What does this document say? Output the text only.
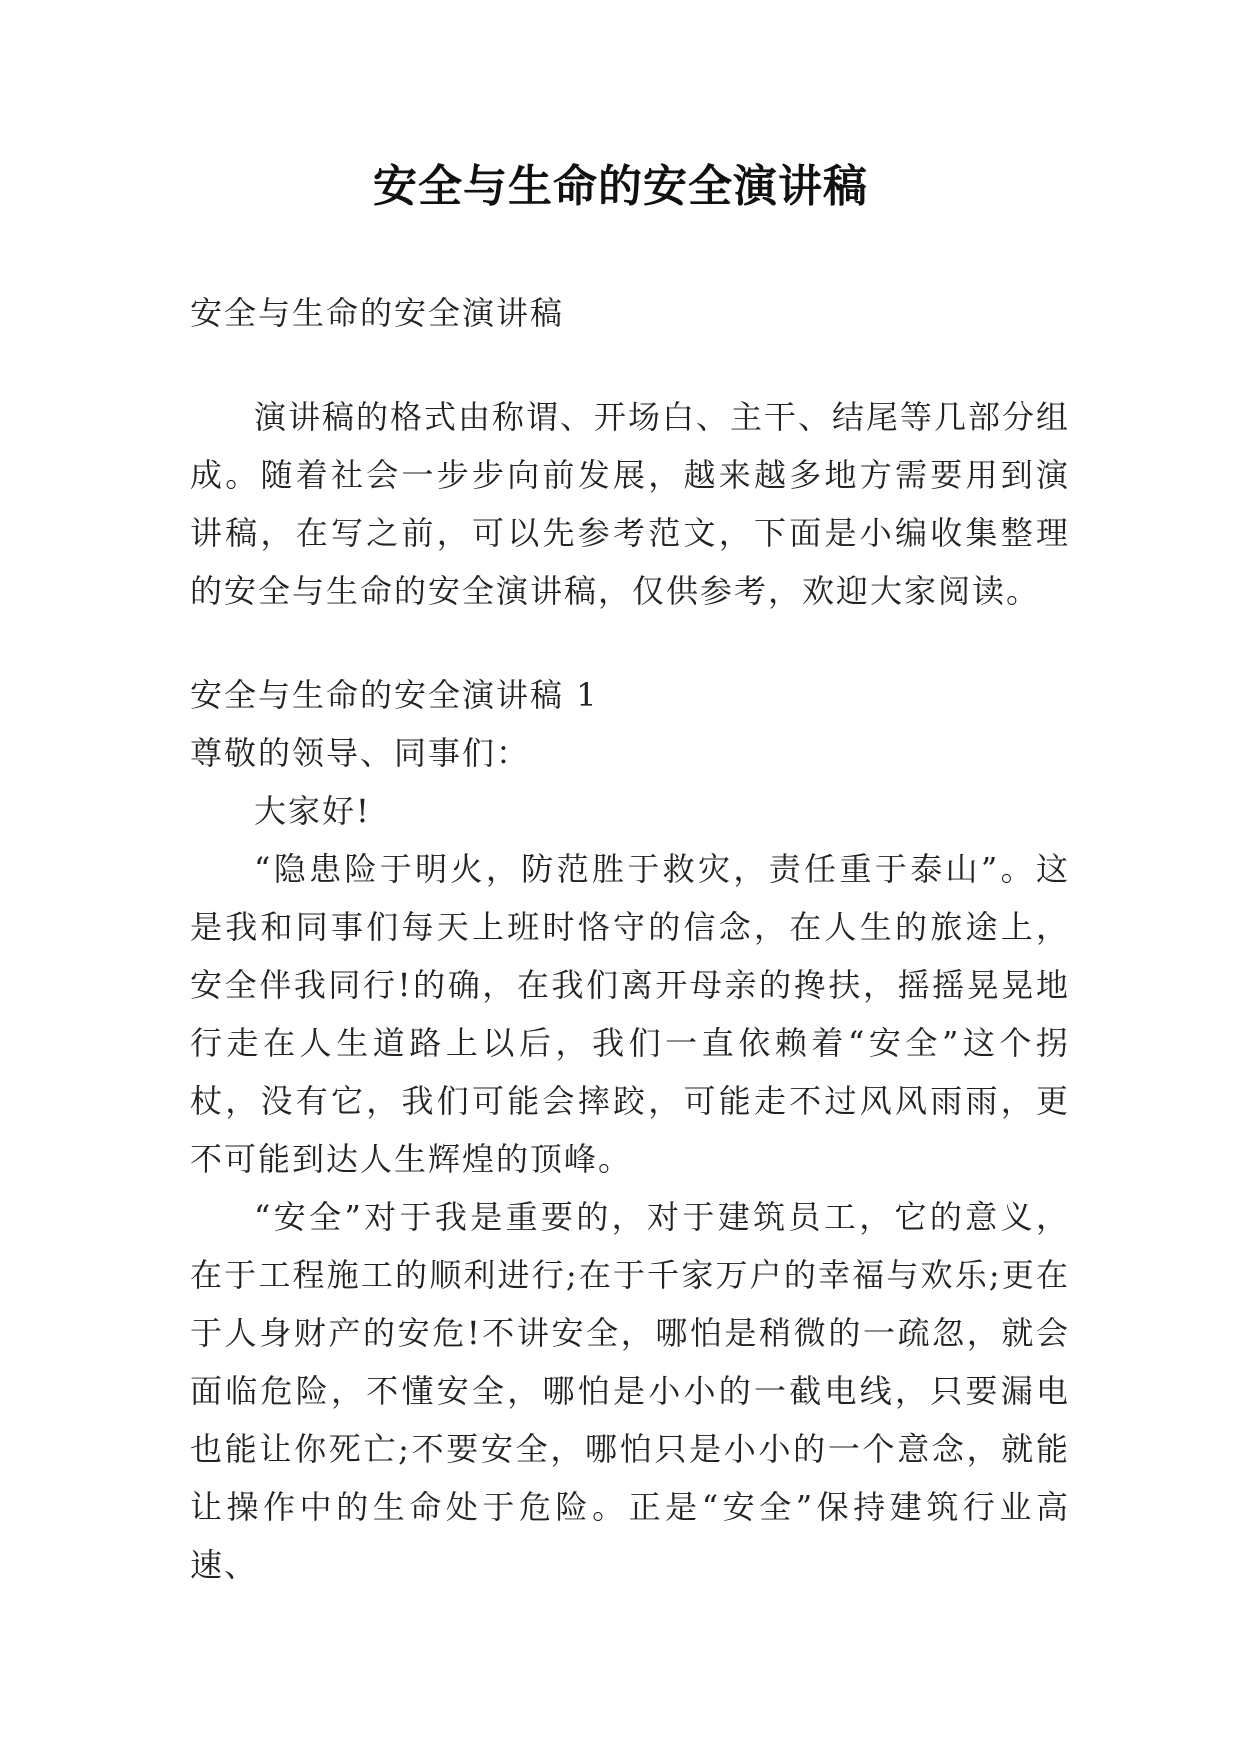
安全与生命的安全演讲稿

安全与生命的安全演讲稿

演讲稿的格式由称谓、开场白、主干、结尾等几部分组成。随着社会一步步向前发展，越来越多地方需要用到演讲稿，在写之前，可以先参考范文，下面是小编收集整理的安全与生命的安全演讲稿，仅供参考，欢迎大家阅读。

安全与生命的安全演讲稿 1

尊敬的领导、同事们：

大家好!

“隐患险于明火，防范胜于救灾，责任重于泰山”。这是我和同事们每天上班时恪守的信念，在人生的旅途上，安全伴我同行!的确，在我们离开母亲的搀扶，摇摇晃晃地行走在人生道路上以后，我们一直依赖着“安全”这个拐杖，没有它，我们可能会摔跤，可能走不过风风雨雨，更不可能到达人生辉煌的顶峰。

“安全”对于我是重要的，对于建筑员工，它的意义，在于工程施工的顺利进行;在于千家万户的幸福与欢乐;更在于人身财产的安危!不讲安全，哪怕是稍微的一疏忽，就会面临危险，不懂安全，哪怕是小小的一截电线，只要漏电也能让你死亡;不要安全，哪怕只是小小的一个意念，就能让操作中的生命处于危险。正是“安全”保持建筑行业高速、
